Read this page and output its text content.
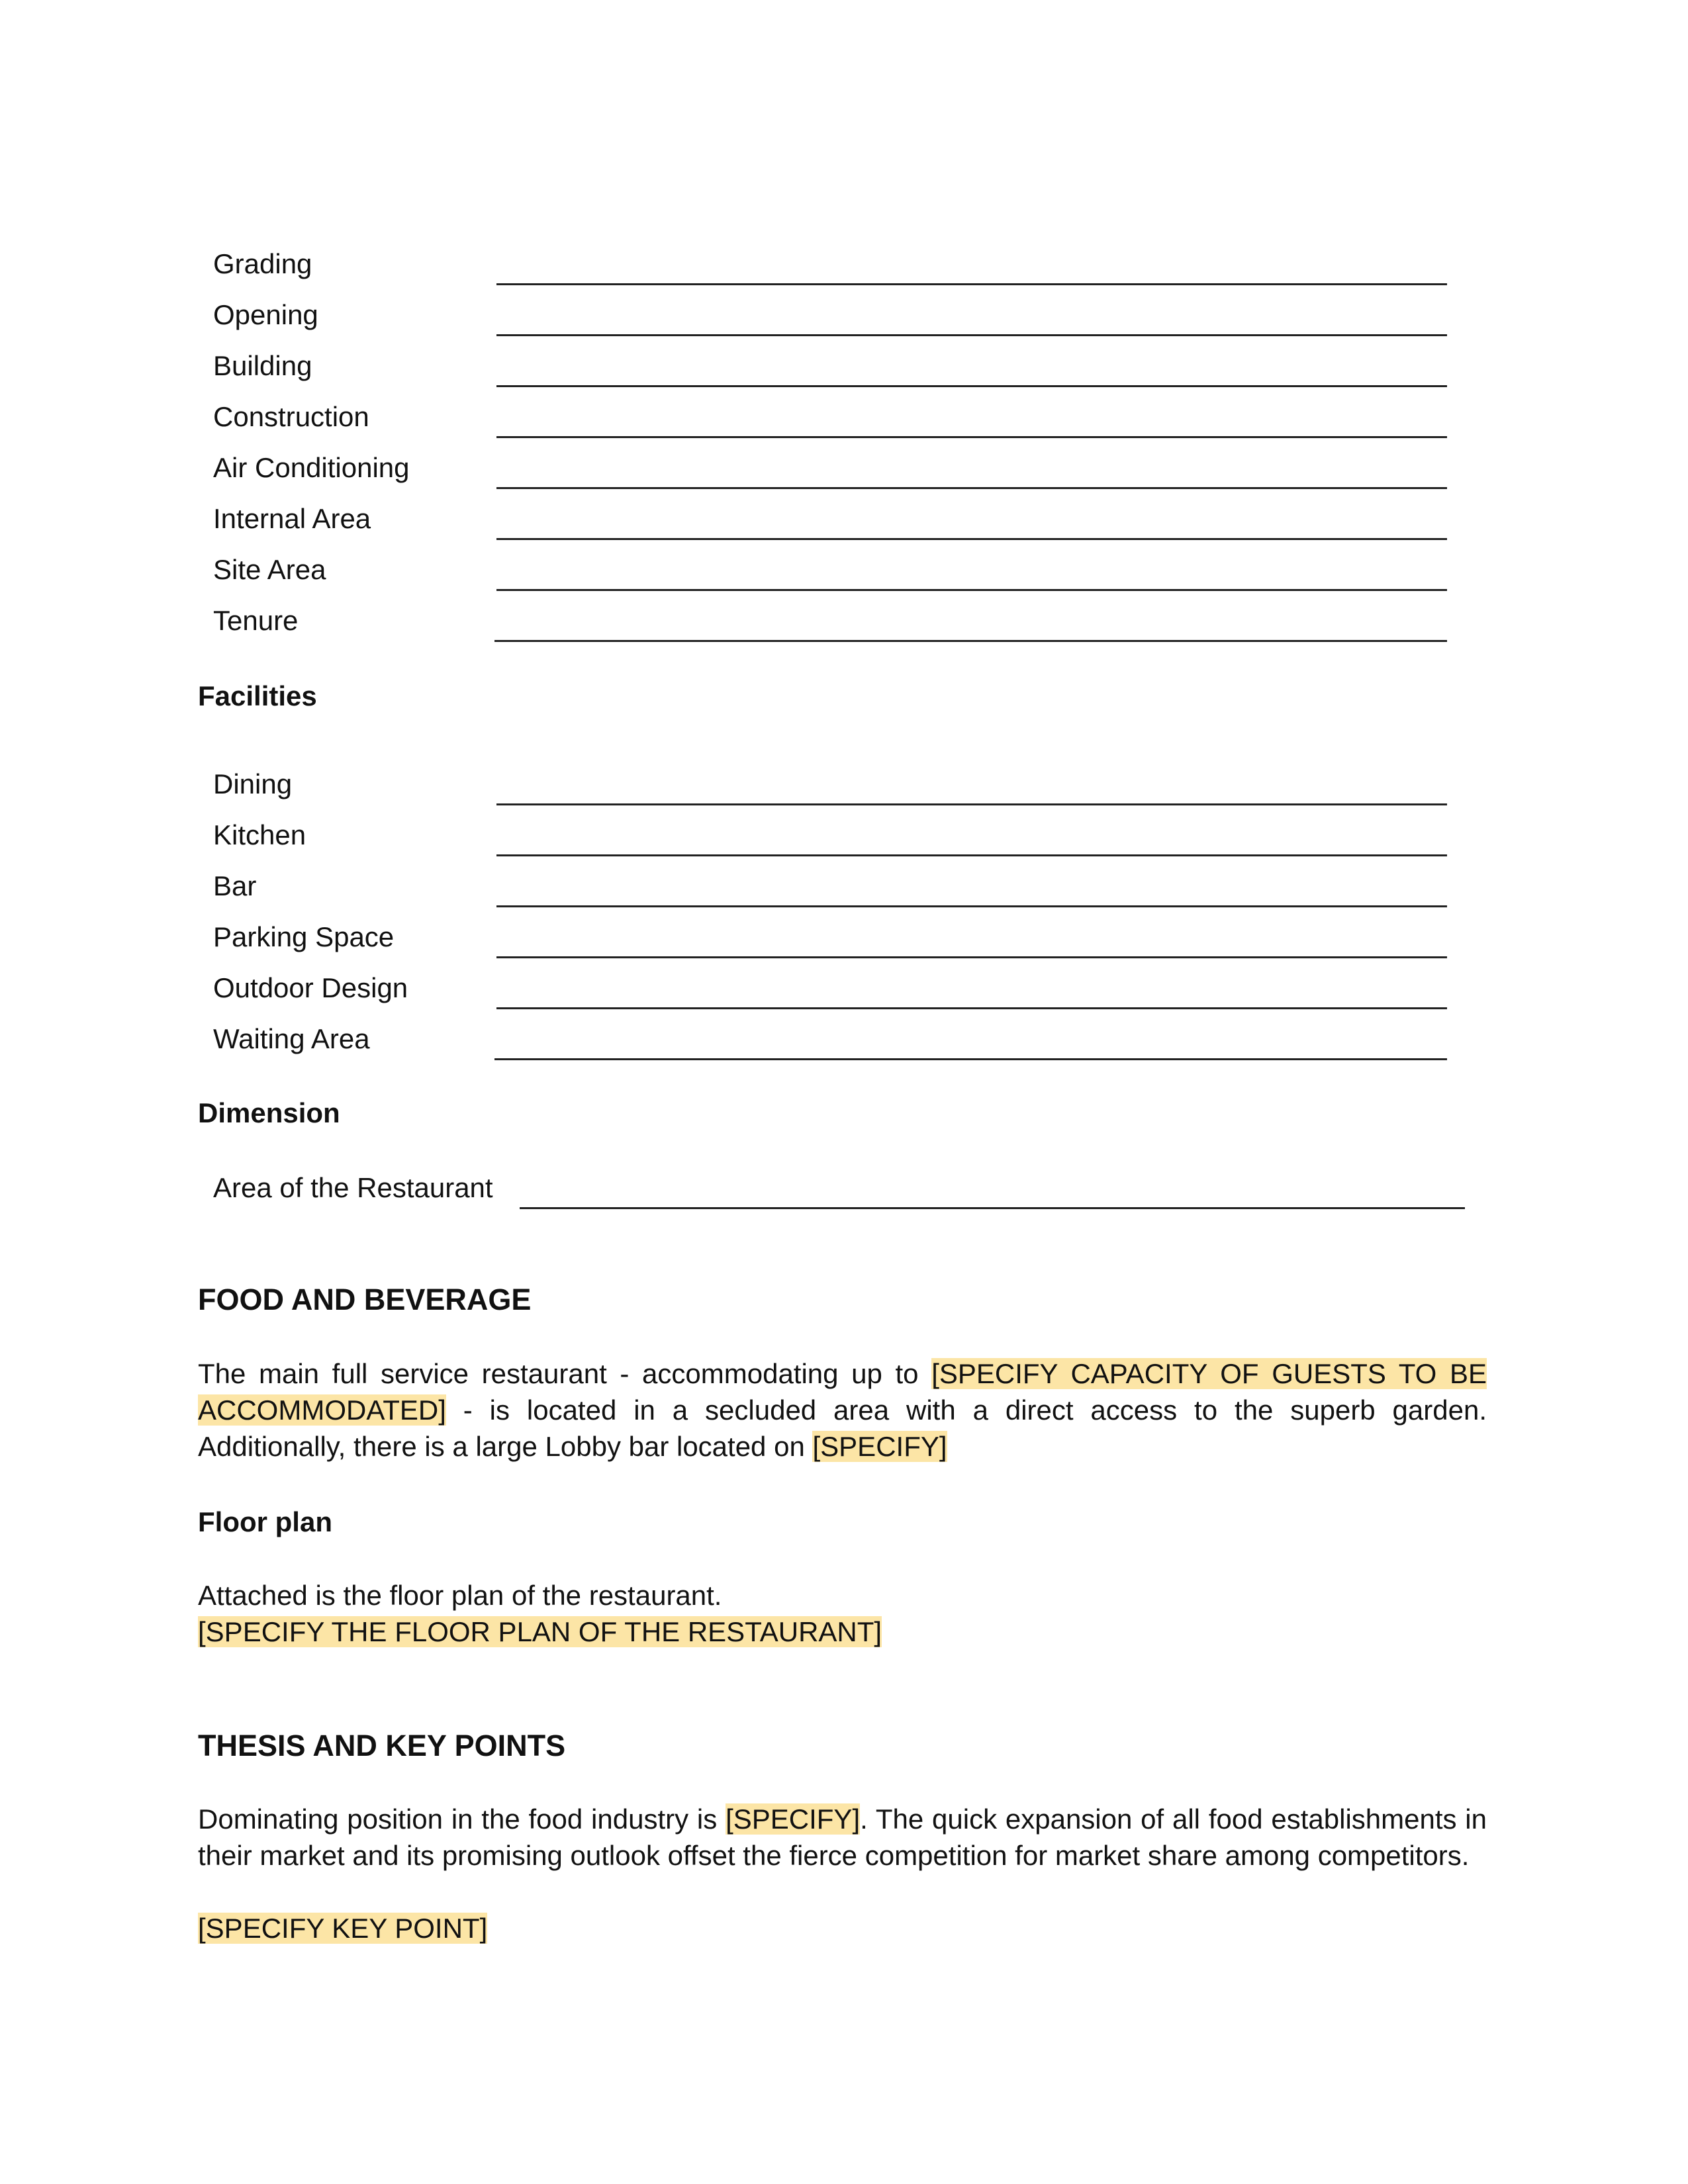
Grading
Opening
Building
Construction
Air Conditioning
Internal Area
Site Area
Tenure
Facilities
Dining
Kitchen
Bar
Parking Space
Outdoor Design
Waiting Area
Dimension
Area of the Restaurant
FOOD AND BEVERAGE
The main full service restaurant - accommodating up to [SPECIFY CAPACITY OF GUESTS TO BE ACCOMMODATED] - is located in a secluded area with a direct access to the superb garden. Additionally, there is a large Lobby bar located on [SPECIFY]
Floor plan
Attached is the floor plan of the restaurant.
[SPECIFY THE FLOOR PLAN OF THE RESTAURANT]
THESIS AND KEY POINTS
Dominating position in the food industry is [SPECIFY]. The quick expansion of all food establishments in their market and its promising outlook offset the fierce competition for market share among competitors.
[SPECIFY KEY POINT]
